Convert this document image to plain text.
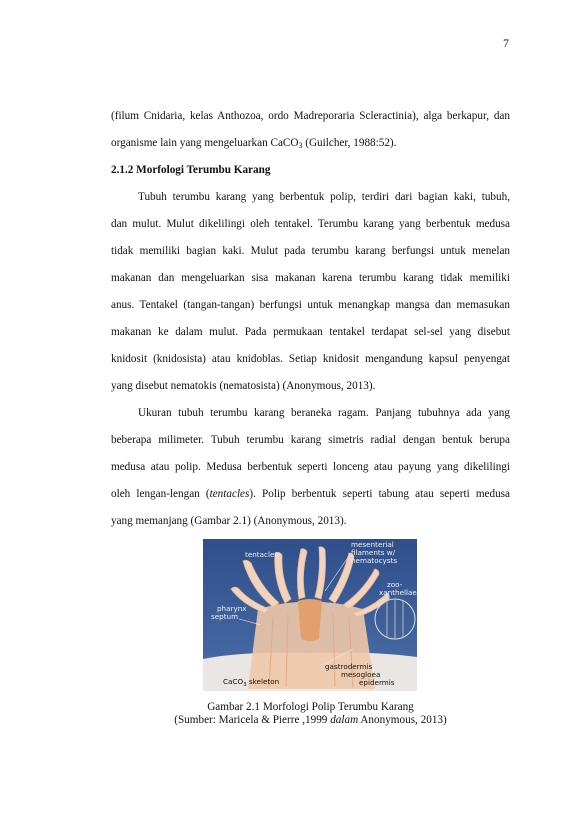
7
(filum Cnidaria, kelas Anthozoa, ordo Madreporaria Scleractinia), alga berkapur, dan
organisme lain yang mengeluarkan CaCO$_3$ (Guilcher, 1988:52).
2.1.2 Morfologi Terumbu Karang
Tubuh terumbu karang yang berbentuk polip, terdiri dari bagian kaki, tubuh,
dan mulut. Mulut dikelilingi oleh tentakel. Terumbu karang yang berbentuk medusa
tidak memiliki bagian kaki. Mulut pada terumbu karang berfungsi untuk menelan
makanan dan mengeluarkan sisa makanan karena terumbu karang tidak memiliki
anus. Tentakel (tangan-tangan) berfungsi untuk menangkap mangsa dan memasukan
makanan ke dalam mulut. Pada permukaan tentakel terdapat sel-sel yang disebut
knidosit (knidosista) atau knidoblas. Setiap knidosit mengandung kapsul penyengat
yang disebut nematokis (nematosista) (Anonymous, 2013).
Ukuran tubuh terumbu karang beraneka ragam. Panjang tubuhnya ada yang
beberapa milimeter. Tubuh terumbu karang simetris radial dengan bentuk berupa
medusa atau polip. Medusa berbentuk seperti lonceng atau payung yang dikelilingi
oleh lengan-lengan (tentacles). Polip berbentuk seperti tabung atau seperti medusa
yang memanjang (Gambar 2.1) (Anonymous, 2013).
tentacles
mesenterial
filaments w/
nematocysts
zoo-
xanthellae
pharynx
septum
gastrodermis
mesogloea
epidermis
CaCO$_3$ skeleton
Gambar 2.1 Morfologi Polip Terumbu Karang
(Sumber: Maricela & Pierre ,1999 dalam Anonymous, 2013)
